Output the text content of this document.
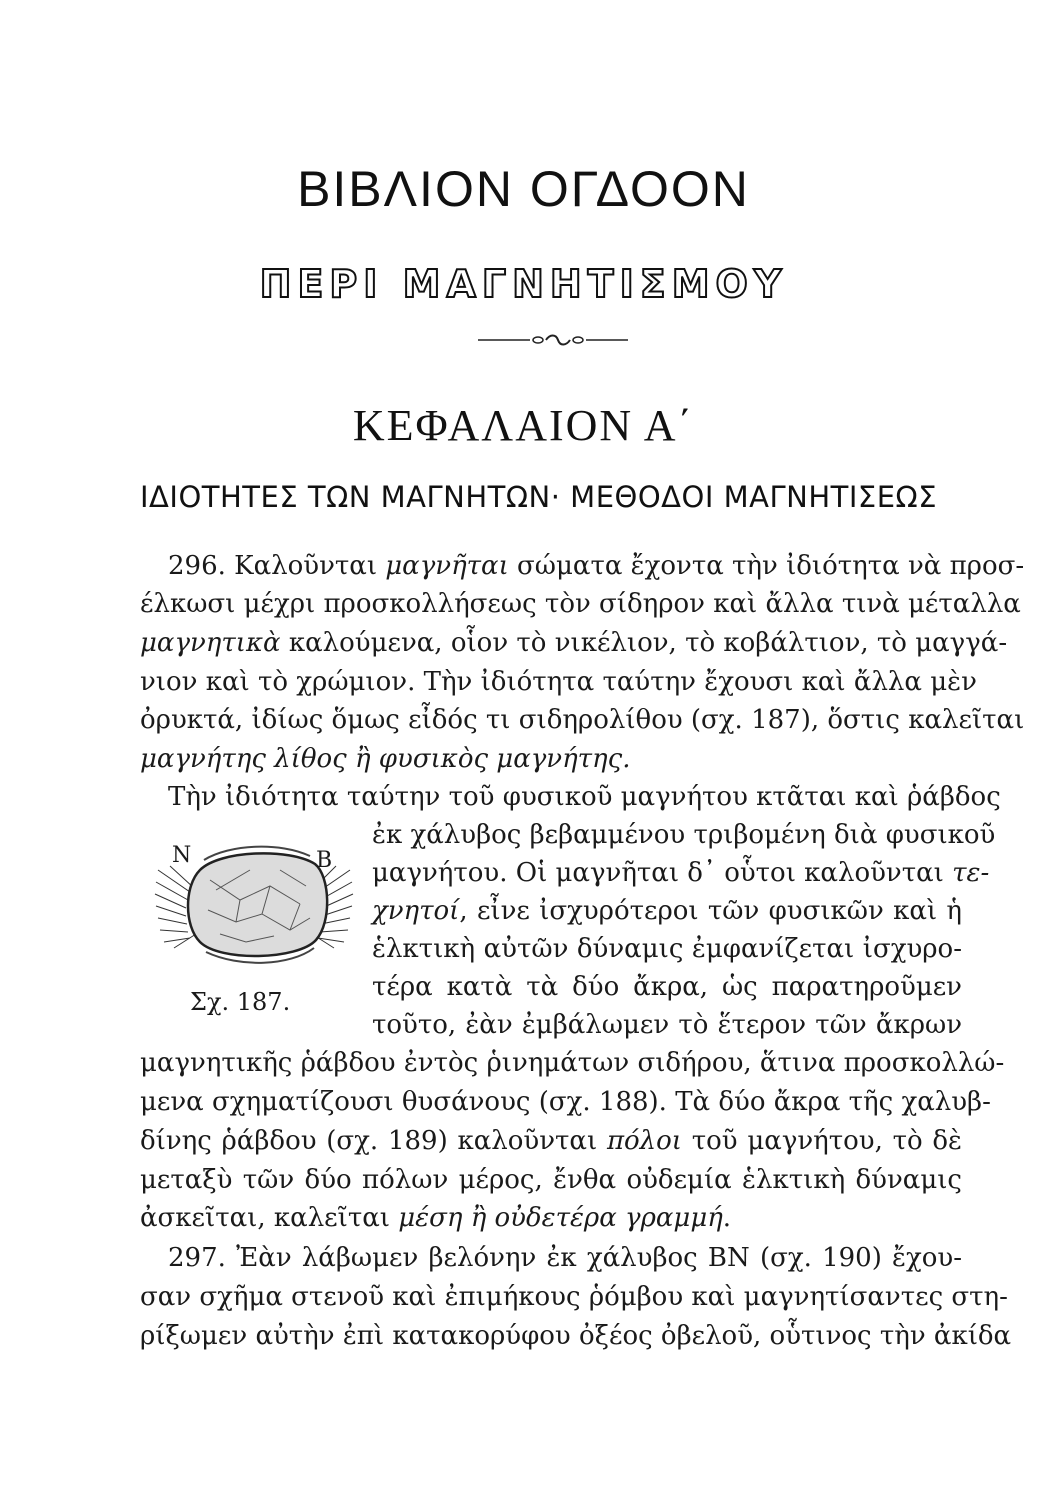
ΒΙΒΛΙΟΝ ΟΓΔΟΟΝ
ΠΕΡΙ ΜΑΓΝΗΤΙΣΜΟΥ
ΚΕΦΑΛΑΙΟΝ Α΄
ΙΔΙΟΤΗΤΕΣ ΤΩΝ ΜΑΓΝΗΤΩΝ· ΜΕΘΟΔΟΙ ΜΑΓΝΗΤΙΣΕΩΣ
296. Καλοῦνται μαγνῆται σώματα ἔχοντα τὴν ἰδιότητα νὰ προσ-
έλκωσι μέχρι προσκολλήσεως τὸν σίδηρον καὶ ἄλλα τινὰ μέταλλα
μαγνητικὰ καλούμενα, οἷον τὸ νικέλιον, τὸ κοβάλτιον, τὸ μαγγά-
νιον καὶ τὸ χρώμιον. Τὴν ἰδιότητα ταύτην ἔχουσι καὶ ἄλλα μὲν
ὀρυκτά, ἰδίως ὅμως εἶδός τι σιδηρολίθου (σχ. 187), ὅστις καλεῖται
μαγνήτης λίθος ἢ φυσικὸς μαγνήτης.
Τὴν ἰδιότητα ταύτην τοῦ φυσικοῦ μαγνήτου κτᾶται καὶ ῥάβδος
ἐκ χάλυβος βεβαμμένου τριβομένη διὰ φυσικοῦ
μαγνήτου. Οἱ μαγνῆται δ᾽ οὗτοι καλοῦνται τε-
χνητοί, εἶνε ἰσχυρότεροι τῶν φυσικῶν καὶ ἡ
ἑλκτικὴ αὐτῶν δύναμις ἐμφανίζεται ἰσχυρο-
τέρα κατὰ τὰ δύο ἄκρα, ὡς παρατηροῦμεν
τοῦτο, ἐὰν ἐμβάλωμεν τὸ ἕτερον τῶν ἄκρων
μαγνητικῆς ῥάβδου ἐντὸς ῥινημάτων σιδήρου, ἅτινα προσκολλώ-
μενα σχηματίζουσι θυσάνους (σχ. 188). Τὰ δύο ἄκρα τῆς χαλυβ-
δίνης ῥάβδου (σχ. 189) καλοῦνται πόλοι τοῦ μαγνήτου, τὸ δὲ
μεταξὺ τῶν δύο πόλων μέρος, ἔνθα οὐδεμία ἑλκτικὴ δύναμις
ἀσκεῖται, καλεῖται μέση ἢ οὐδετέρα γραμμή.
297. Ἐὰν λάβωμεν βελόνην ἐκ χάλυβος ΒΝ (σχ. 190) ἔχου-
σαν σχῆμα στενοῦ καὶ ἐπιμήκους ῥόμβου καὶ μαγνητίσαντες στη-
ρίξωμεν αὐτὴν ἐπὶ κατακορύφου ὀξέος ὀβελοῦ, οὗτινος τὴν ἀκίδα
N	B
Σχ. 187.
